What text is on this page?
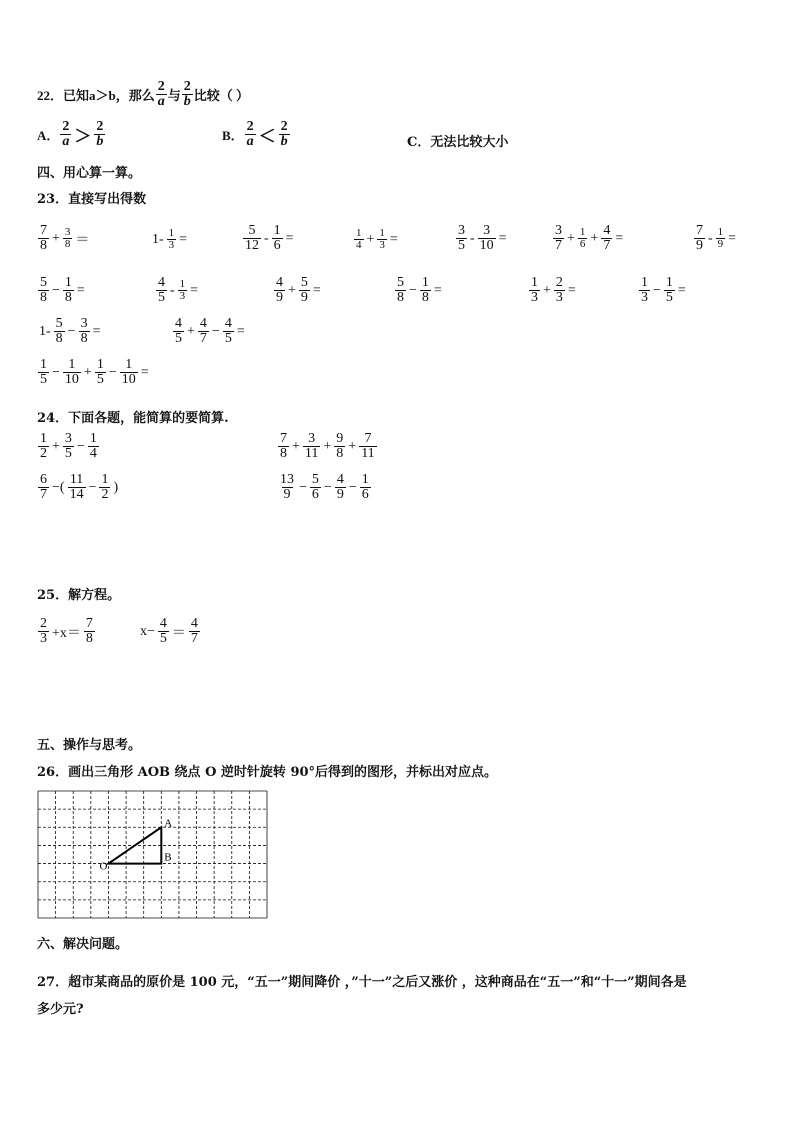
22．已知 a＞b ，那么 $\frac{2}{a}$ 与 $\frac{2}{b}$ 比较（ ）
A． $\frac{2}{a} > \frac{2}{b}$	B． $\frac{2}{a} < \frac{2}{b}$	C．无法比较大小
四、用心算一算。
23．直接写出得数
24．下面各题，能简算的要简算.
25．解方程。
五、操作与思考。
26．画出三角形 AOB 绕点 O 逆时针旋转 90°后得到的图形，并标出对应点。
O
A
B
六、解决问题。
27．超市某商品的原价是 100 元，“五一”期间降价 ，”十一”之后又涨价 ，这种商品在“五一”和“十一”期间各是
多少元?
$\frac{7}{8} + \frac{3}{8}$ ＝	$1- \frac{1}{3}$ =	$\frac{5}{12} - \frac{1}{6}$ =	$\frac{1}{4} + \frac{1}{3}$ =	$\frac{3}{5} - \frac{3}{10}$ =	$\frac{3}{7} + \frac{1}{6} + \frac{4}{7}$ =	$\frac{7}{9} - \frac{1}{9}$ =
$\frac{5}{8} - \frac{1}{8}$ =	$\frac{4}{5} - \frac{1}{3}$ =	$\frac{4}{9} + \frac{5}{9}$ =	$\frac{5}{8} - \frac{1}{8}$ =	$\frac{1}{3} + \frac{2}{3}$ =	$\frac{1}{3} - \frac{1}{5}$ =
$1- \frac{5}{8} - \frac{3}{8}$ =	$\frac{4}{5} + \frac{4}{7} - \frac{4}{5}$ =
$\frac{1}{5} - \frac{1}{10} + \frac{1}{5} - \frac{1}{10}$ =
$\frac{1}{2} + \frac{3}{5} - \frac{1}{4}$	$\frac{7}{8} + \frac{3}{11} + \frac{9}{8} + \frac{7}{11}$
$\frac{6}{7}$ −( $\frac{11}{14} - \frac{1}{2}$ )	$\frac{13}{9} - \frac{5}{6} - \frac{4}{9} - \frac{1}{6}$
$\frac{2}{3} +x= \frac{7}{8}$	$x- \frac{4}{5} = \frac{4}{7}$
